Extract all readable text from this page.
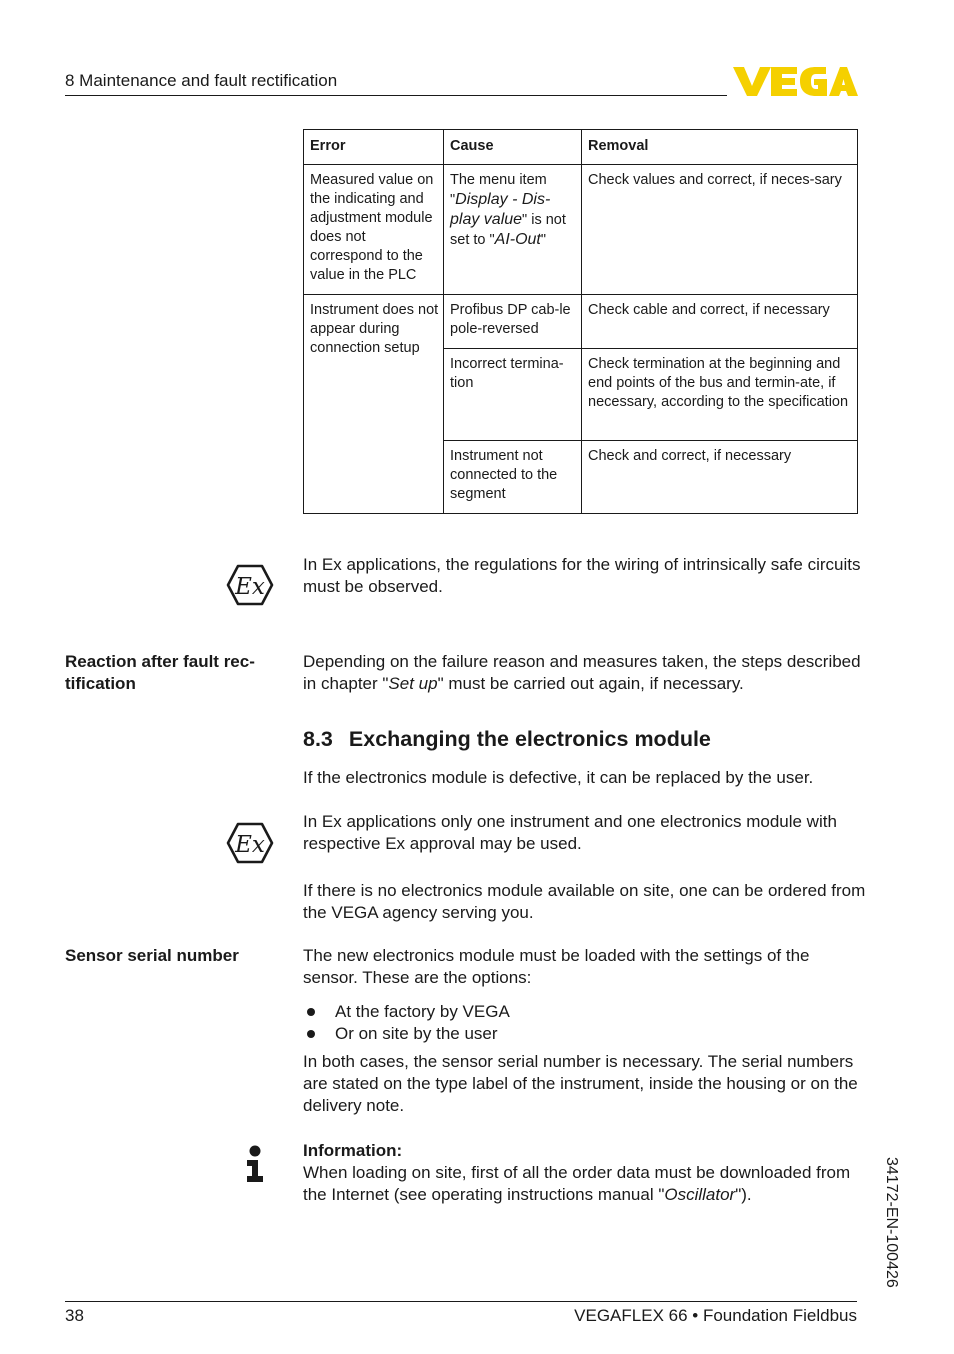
8 Maintenance and fault rectification
Error	Cause	Removal
Measured value on the indicating and adjustment module does not correspond to the value in the PLC	The menu item "Display - Dis-play value" is not set to "AI-Out"	Check values and correct, if neces-sary
Instrument does not appear during connection setup	Profibus DP cab-le pole-reversed	Check cable and correct, if necessary
	Incorrect termina-tion	Check termination at the beginning and end points of the bus and termin-ate, if necessary, according to the specification
	Instrument not connected to the segment	Check and correct, if necessary
Ex
In Ex applications, the regulations for the wiring of intrinsically safe circuits must be observed.
Reaction after fault rec-tification
Depending on the failure reason and measures taken, the steps described in chapter "Set up" must be carried out again, if necessary.
8.3 Exchanging the electronics module
If the electronics module is defective, it can be replaced by the user.
Ex
In Ex applications only one instrument and one electronics module with respective Ex approval may be used.
If there is no electronics module available on site, one can be ordered from the VEGA agency serving you.
Sensor serial number	The new electronics module must be loaded with the settings of the sensor. These are the options:
At the factory by VEGA
Or on site by the user
In both cases, the sensor serial number is necessary. The serial numbers are stated on the type label of the instrument, inside the housing or on the delivery note.
Information:
When loading on site, first of all the order data must be downloaded from the Internet (see operating instructions manual "Oscillator").	34172-EN-100426
38	VEGAFLEX 66 • Foundation Fieldbus
